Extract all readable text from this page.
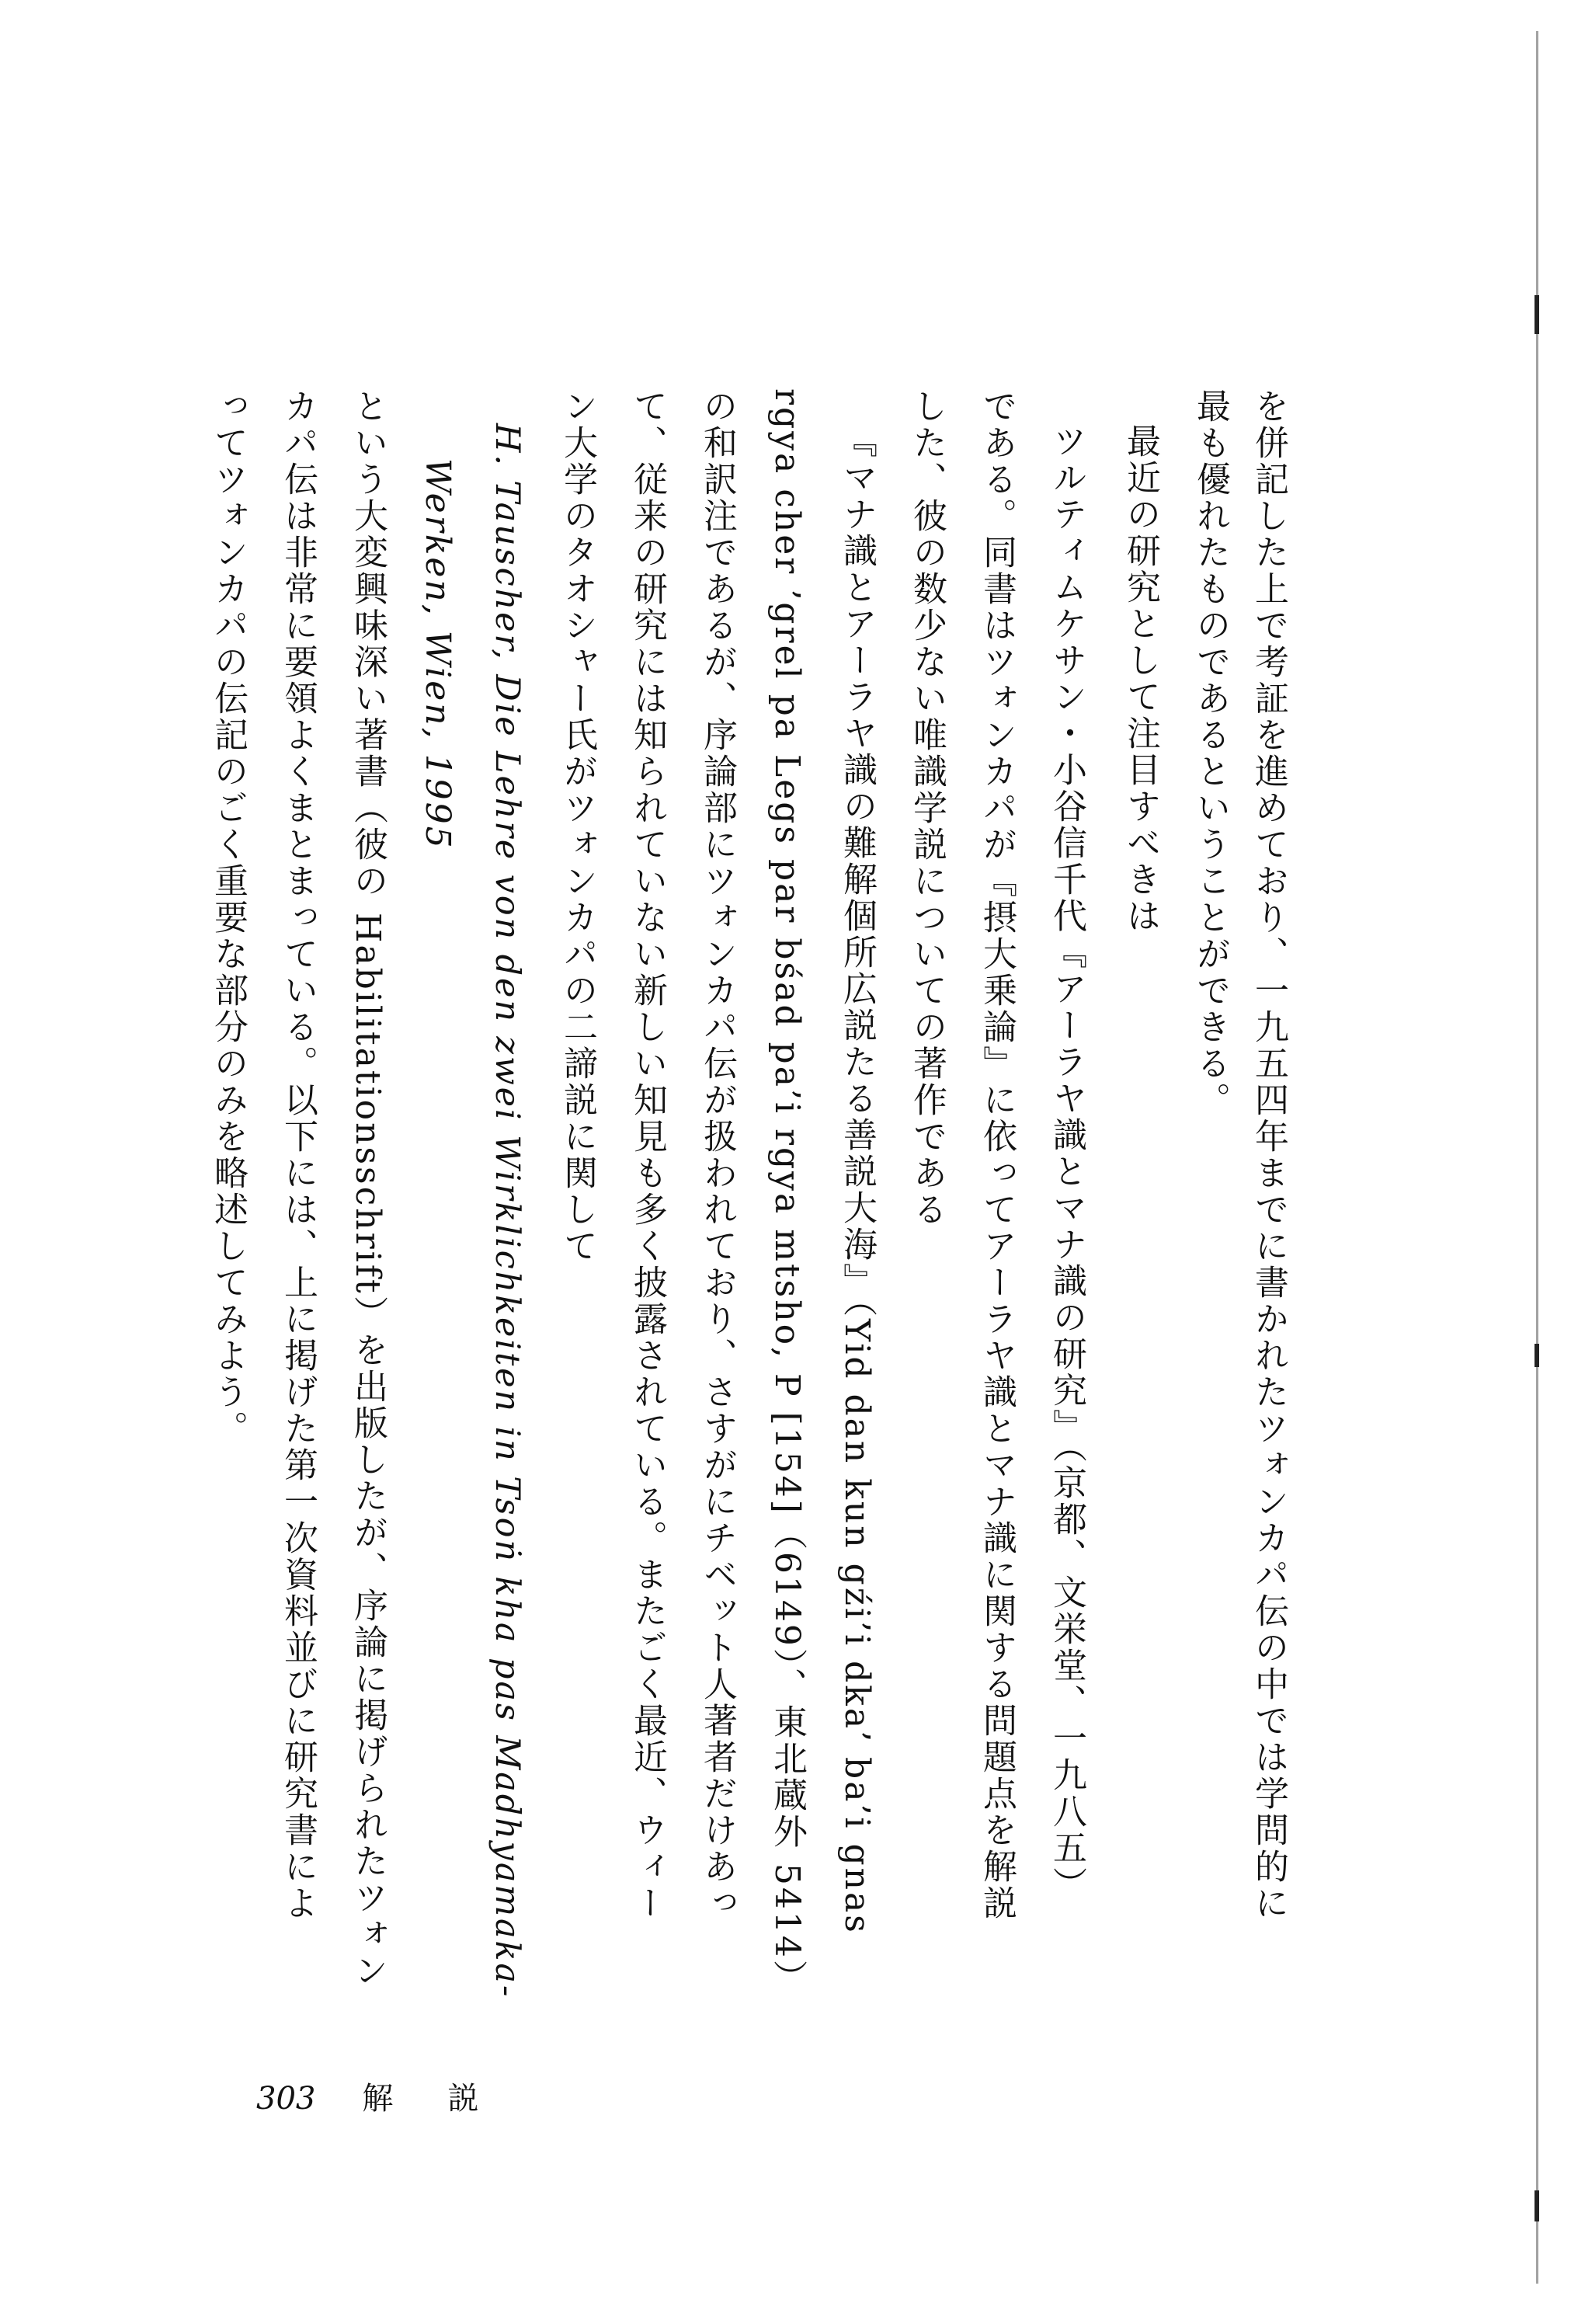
を併記した上で考証を進めており、一九五四年までに書かれたツォンカパ伝の中では学問的に
最も優れたものであるということができる。
最近の研究として注目すべきは
ツルティムケサン・小谷信千代『アーラヤ識とマナ識の研究』（京都、文栄堂、一九八五）
である。同書はツォンカパが『摂大乗論』に依ってアーラヤ識とマナ識に関する問題点を解説
した、彼の数少ない唯識学説についての著作である
『マナ識とアーラヤ識の難解個所広説たる善説大海』（Yid dan kun gźi’i dka’ ba’i gnas
rgya cher ’grel pa Legs par bśad pa’i rgya mtsho, P [154]（6149）、東北蔵外 5414）
の和訳注であるが、序論部にツォンカパ伝が扱われており、さすがにチベット人著者だけあっ
て、従来の研究には知られていない新しい知見も多く披露されている。またごく最近、ウィー
ン大学のタオシャー氏がツォンカパの二諦説に関して
H. Tauscher, Die Lehre von den zwei Wirklichkeiten in Tsoṅ kha pas Madhyamaka-
Werken, Wien, 1995
という大変興味深い著書（彼の Habilitationsschrift）を出版したが、序論に掲げられたツォン
カパ伝は非常に要領よくまとまっている。以下には、上に掲げた第一次資料並びに研究書によ
ってツォンカパの伝記のごく重要な部分のみを略述してみよう。
303 解 説
